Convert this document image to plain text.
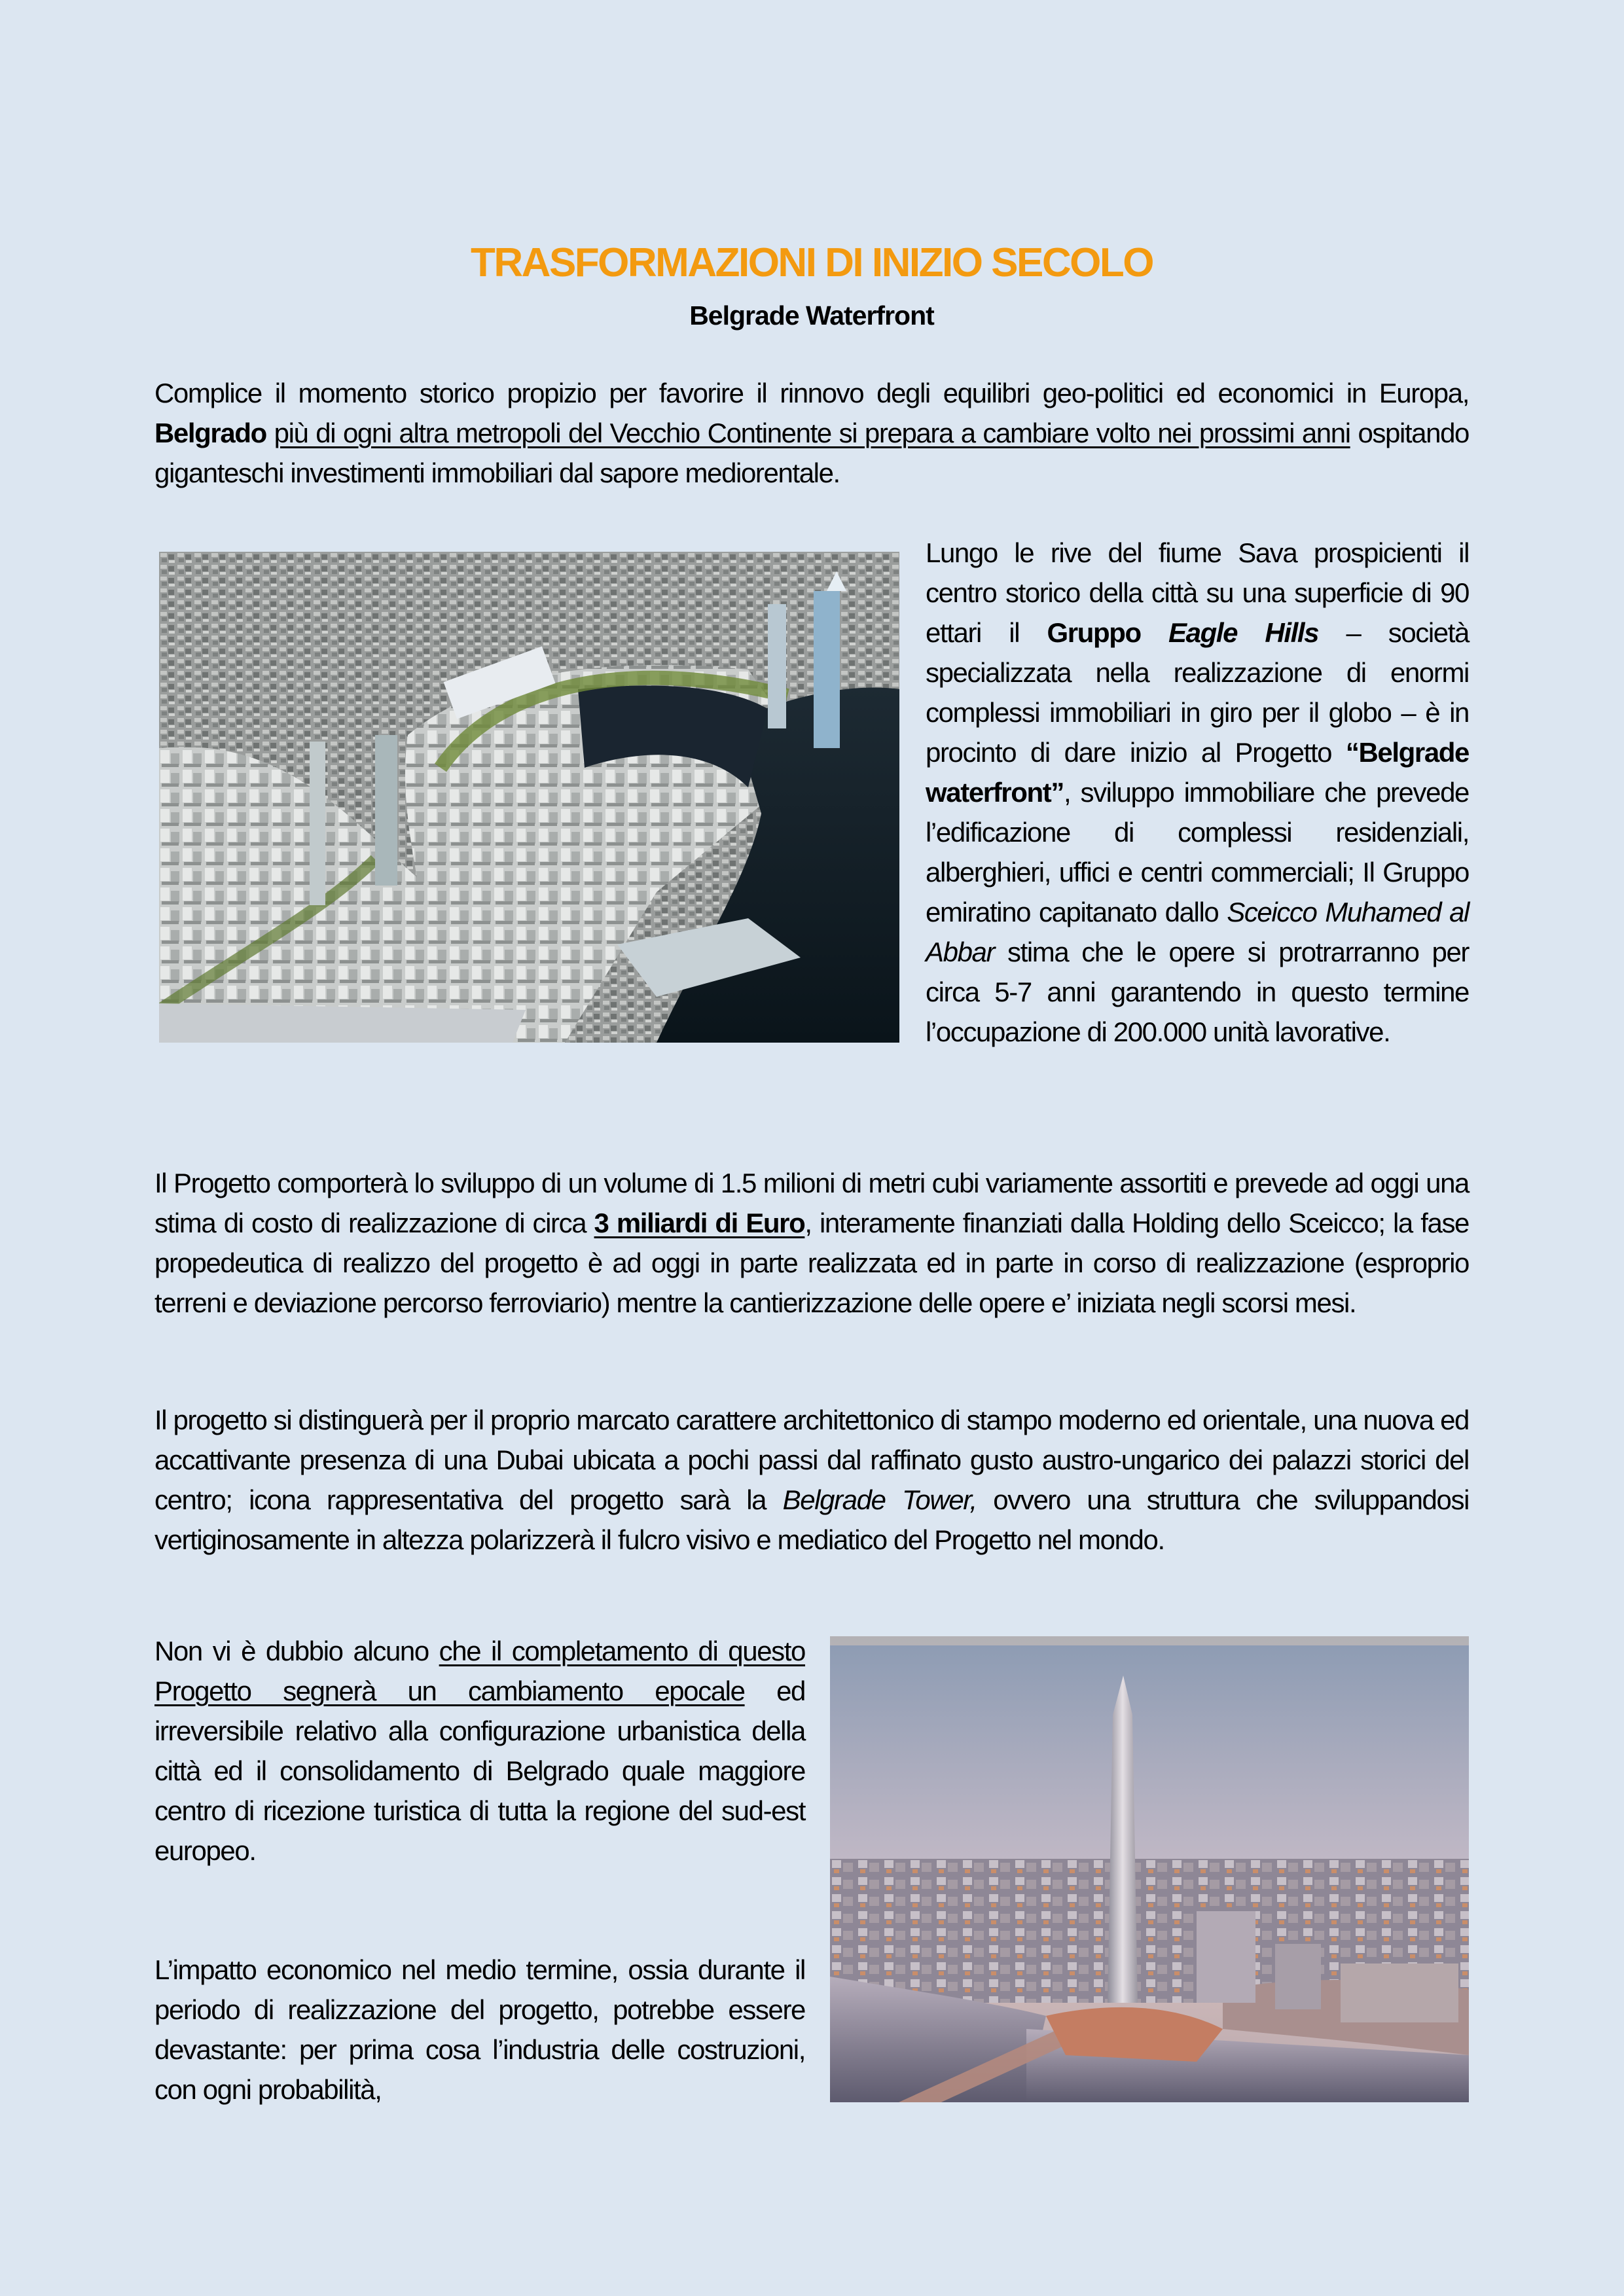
TRASFORMAZIONI DI INIZIO SECOLO
Belgrade Waterfront

Complice il momento storico propizio per favorire il rinnovo degli equilibri geo-politici ed economici in Europa, Belgrado più di ogni altra metropoli del Vecchio Continente si prepara a cambiare volto nei prossimi anni ospitando giganteschi investimenti immobiliari dal sapore mediorentale.

Lungo le rive del fiume Sava prospicienti il centro storico della città su una superficie di 90 ettari il Gruppo Eagle Hills – società specializzata nella realizzazione di enormi complessi immobiliari in giro per il globo – è in procinto di dare inizio al Progetto “Belgrade waterfront”, sviluppo immobiliare che prevede l’edificazione di complessi residenziali, alberghieri, uffici e centri commerciali; Il Gruppo emiratino capitanato dallo Sceicco Muhamed al Abbar stima che le opere si protrarranno per circa 5-7 anni garantendo in questo termine l’occupazione di 200.000 unità lavorative.

Il Progetto comporterà lo sviluppo di un volume di 1.5 milioni di metri cubi variamente assortiti e prevede ad oggi una stima di costo di realizzazione di circa 3 miliardi di Euro, interamente finanziati dalla Holding dello Sceicco; la fase propedeutica di realizzo del progetto è ad oggi in parte realizzata ed in parte in corso di realizzazione (esproprio terreni e deviazione percorso ferroviario) mentre la cantierizzazione delle opere e’ iniziata negli scorsi mesi.

Il progetto si distinguerà per il proprio marcato carattere architettonico di stampo moderno ed orientale, una nuova ed accattivante presenza di una Dubai ubicata a pochi passi dal raffinato gusto austro-ungarico dei palazzi storici del centro; icona rappresentativa del progetto sarà la Belgrade Tower, ovvero una struttura che sviluppandosi vertiginosamente in altezza polarizzerà il fulcro visivo e mediatico del Progetto nel mondo.

Non vi è dubbio alcuno che il completamento di questo Progetto segnerà un cambiamento epocale ed irreversibile relativo alla configurazione urbanistica della città ed il consolidamento di Belgrado quale maggiore centro di ricezione turistica di tutta la regione del sud-est europeo.

L’impatto economico nel medio termine, ossia durante il periodo di realizzazione del progetto, potrebbe essere devastante: per prima cosa l’industria delle costruzioni, con ogni probabilità,
